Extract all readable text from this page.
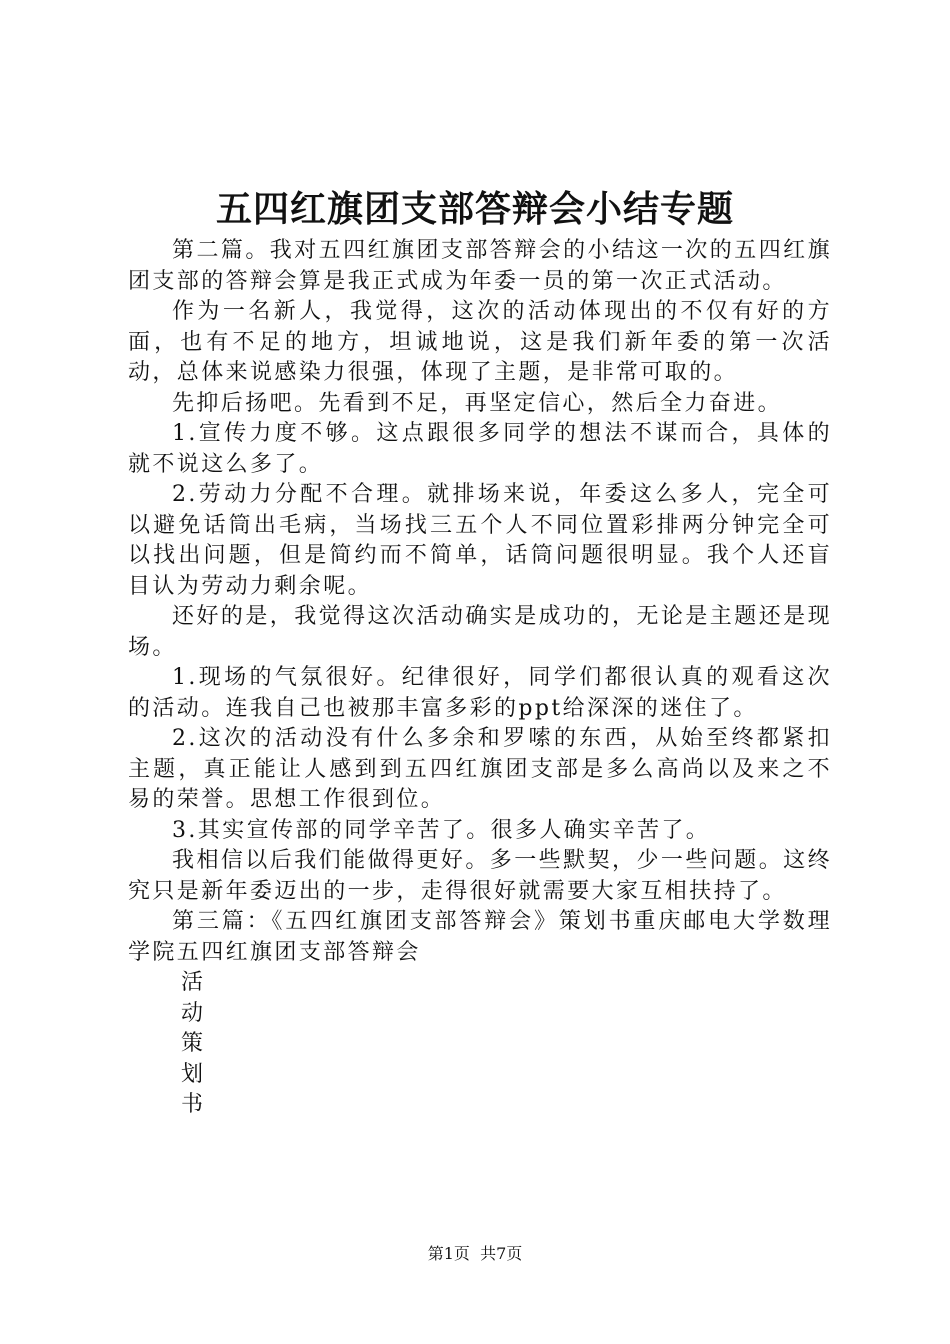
五四红旗团支部答辩会小结专题

第二篇。我对五四红旗团支部答辩会的小结这一次的五四红旗团支部的答辩会算是我正式成为年委一员的第一次正式活动。

作为一名新人，我觉得，这次的活动体现出的不仅有好的方面，也有不足的地方，坦诚地说，这是我们新年委的第一次活动，总体来说感染力很强，体现了主题，是非常可取的。

先抑后扬吧。先看到不足，再坚定信心，然后全力奋进。

1.宣传力度不够。这点跟很多同学的想法不谋而合，具体的就不说这么多了。

2.劳动力分配不合理。就排场来说，年委这么多人，完全可以避免话筒出毛病，当场找三五个人不同位置彩排两分钟完全可以找出问题，但是简约而不简单，话筒问题很明显。我个人还盲目认为劳动力剩余呢。

还好的是，我觉得这次活动确实是成功的，无论是主题还是现场。

1.现场的气氛很好。纪律很好，同学们都很认真的观看这次的活动。连我自己也被那丰富多彩的ppt给深深的迷住了。

2.这次的活动没有什么多余和罗嗦的东西，从始至终都紧扣主题，真正能让人感到到五四红旗团支部是多么高尚以及来之不易的荣誉。思想工作很到位。

3.其实宣传部的同学辛苦了。很多人确实辛苦了。

我相信以后我们能做得更好。多一些默契，少一些问题。这终究只是新年委迈出的一步，走得很好就需要大家互相扶持了。

第三篇：《五四红旗团支部答辩会》策划书重庆邮电大学数理学院五四红旗团支部答辩会

活
动
策
划
书
第1页 共7页
